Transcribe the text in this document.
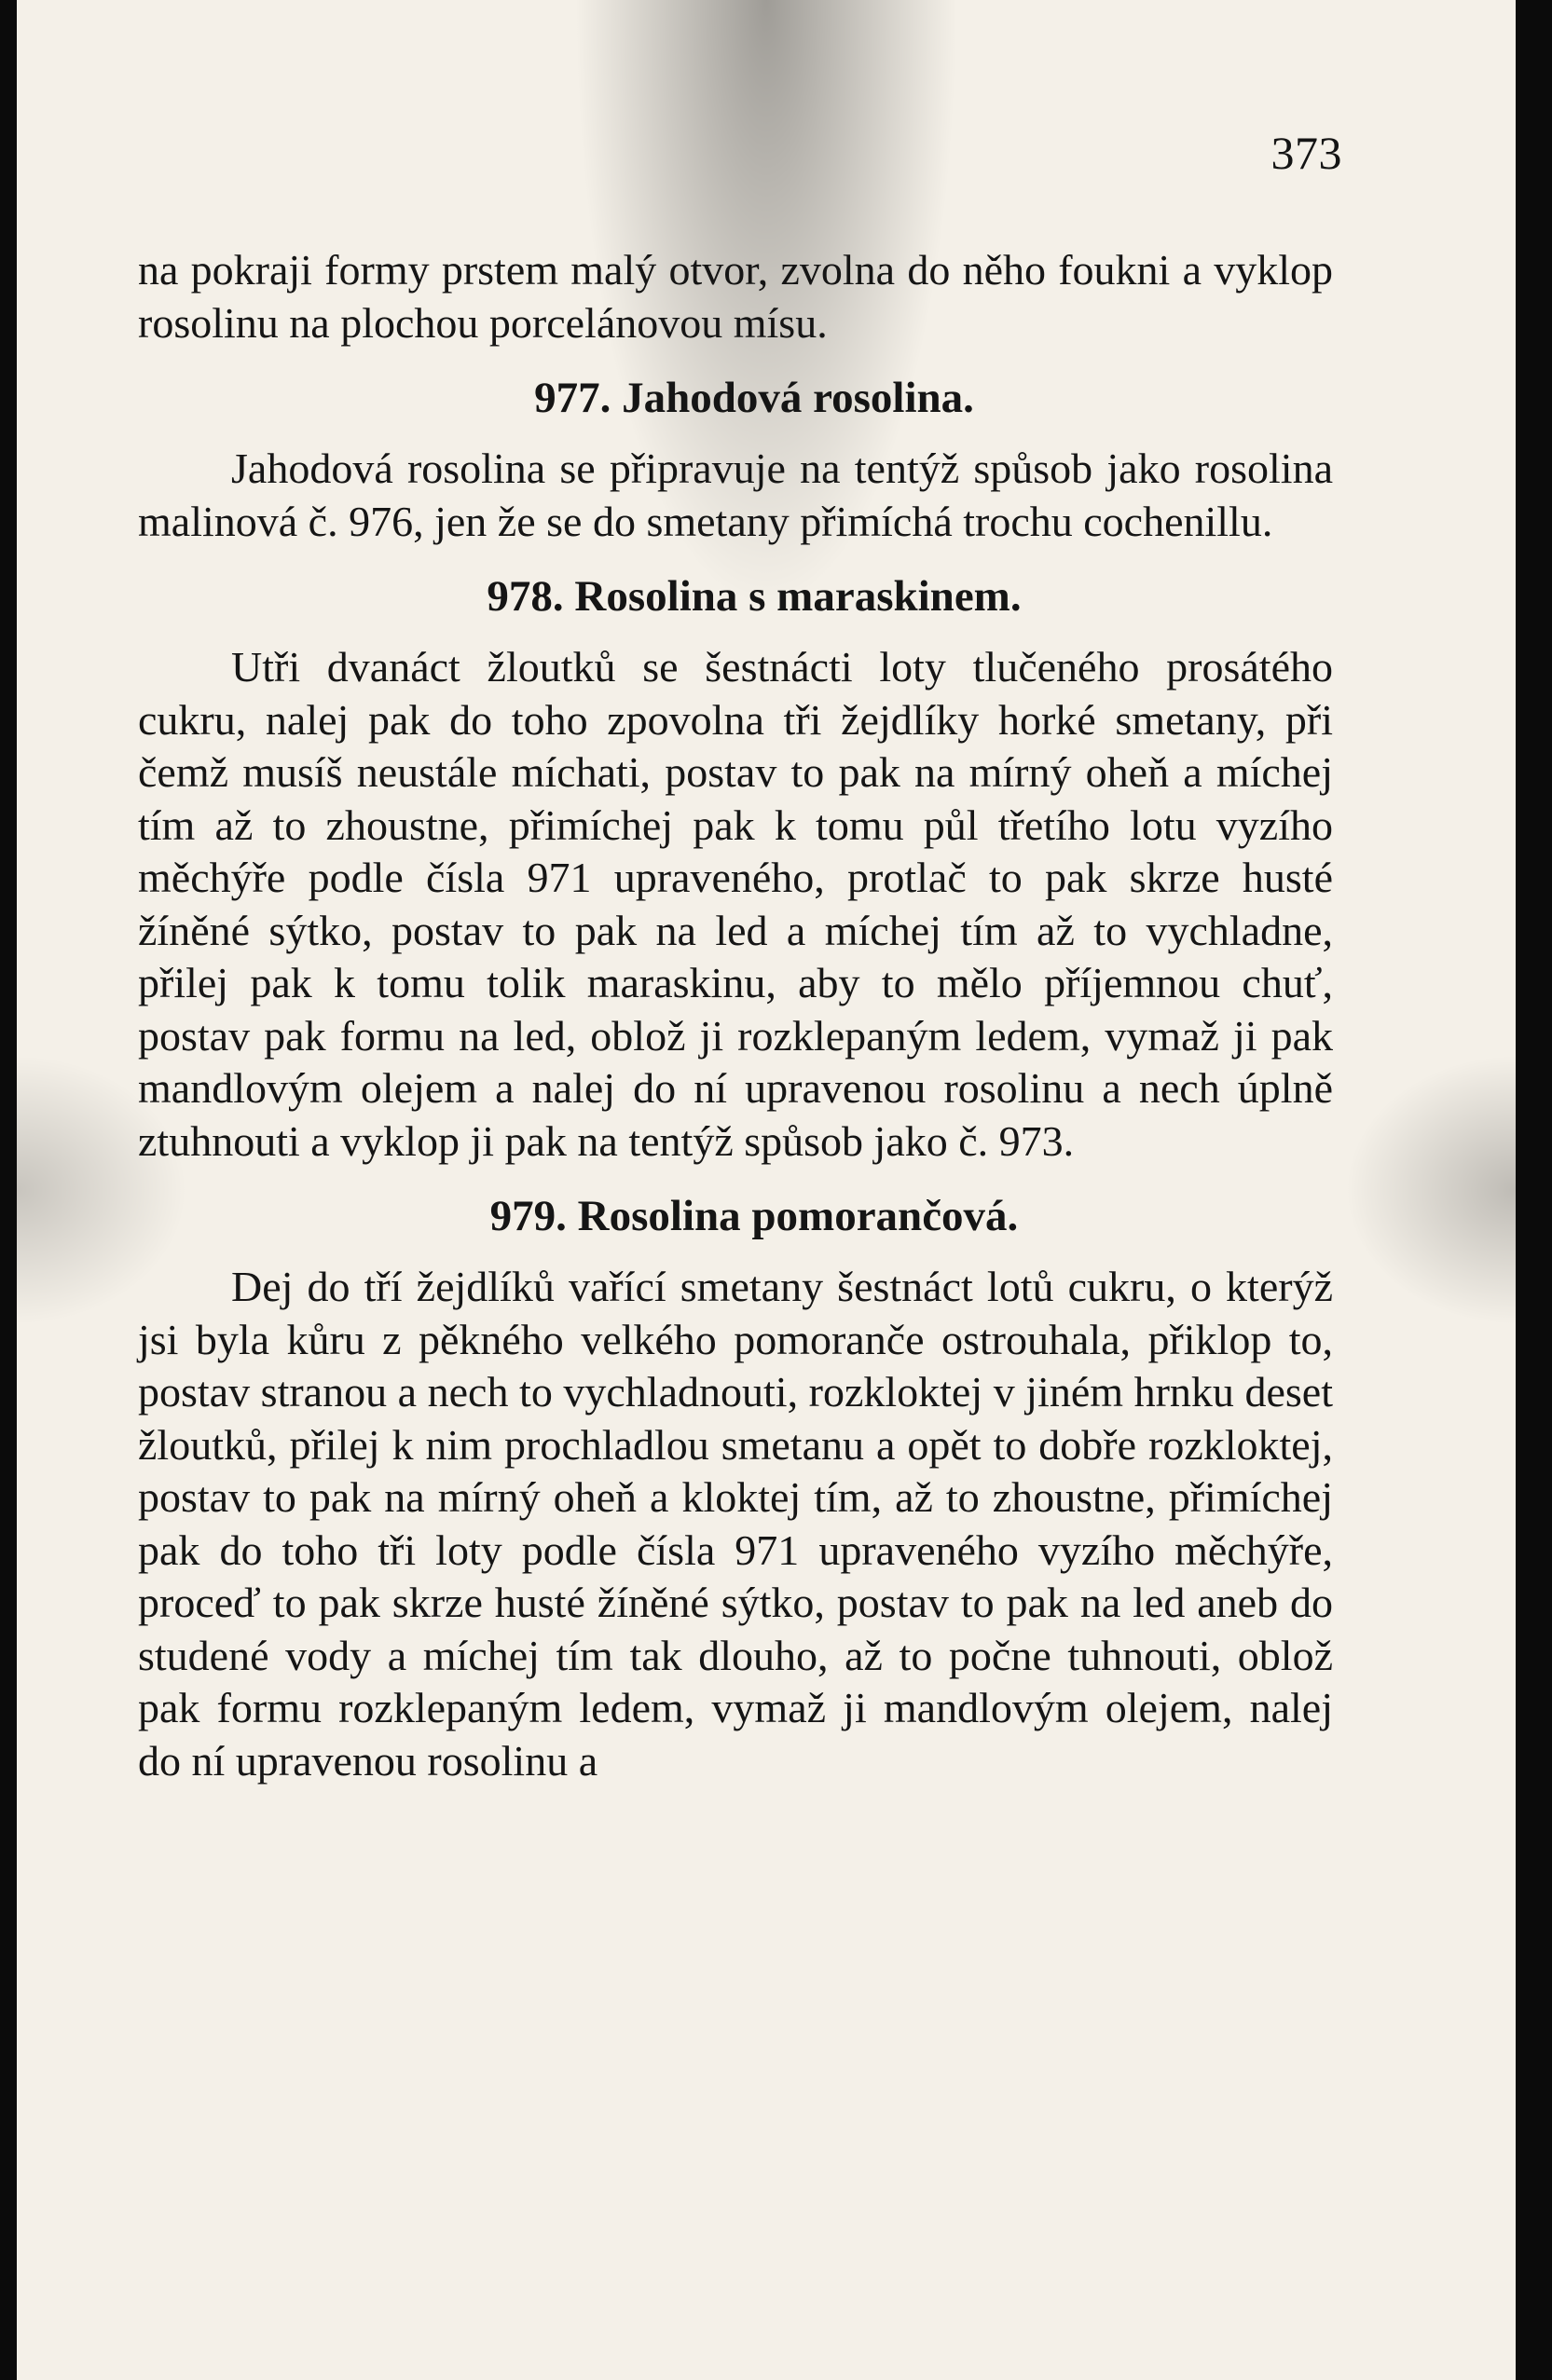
373

na pokraji formy prstem malý otvor, zvolna do něho foukni a vyklop rosolinu na plochou porcelánovou mísu.

977. Jahodová rosolina.

Jahodová rosolina se připravuje na tentýž spůsob jako rosolina malinová č. 976, jen že se do smetany přimíchá trochu cochenillu.

978. Rosolina s maraskinem.

Utři dvanáct žloutků se šestnácti loty tlučeného prosátého cukru, nalej pak do toho zpovolna tři žejdlíky horké smetany, při čemž musíš neustále míchati, postav to pak na mírný oheň a míchej tím až to zhoustne, přimíchej pak k tomu půl třetího lotu vyzího měchýře podle čísla 971 upraveného, protlač to pak skrze husté žíněné sýtko, postav to pak na led a míchej tím až to vychladne, přilej pak k tomu tolik maraskinu, aby to mělo příjemnou chuť, postav pak formu na led, oblož ji rozklepaným ledem, vymaž ji pak mandlovým olejem a nalej do ní upravenou rosolinu a nech úplně ztuhnouti a vyklop ji pak na tentýž spůsob jako č. 973.

979. Rosolina pomorančová.

Dej do tří žejdlíků vařící smetany šestnáct lotů cukru, o kterýž jsi byla kůru z pěkného velkého pomoranče ostrouhala, přiklop to, postav stranou a nech to vychladnouti, rozkloktej v jiném hrnku deset žloutků, přilej k nim prochladlou smetanu a opět to dobře rozkloktej, postav to pak na mírný oheň a kloktej tím, až to zhoustne, přimíchej pak do toho tři loty podle čísla 971 upraveného vyzího měchýře, proceď to pak skrze husté žíněné sýtko, postav to pak na led aneb do studené vody a míchej tím tak dlouho, až to počne tuhnouti, oblož pak formu rozklepaným ledem, vymaž ji mandlovým olejem, nalej do ní upravenou rosolinu a
